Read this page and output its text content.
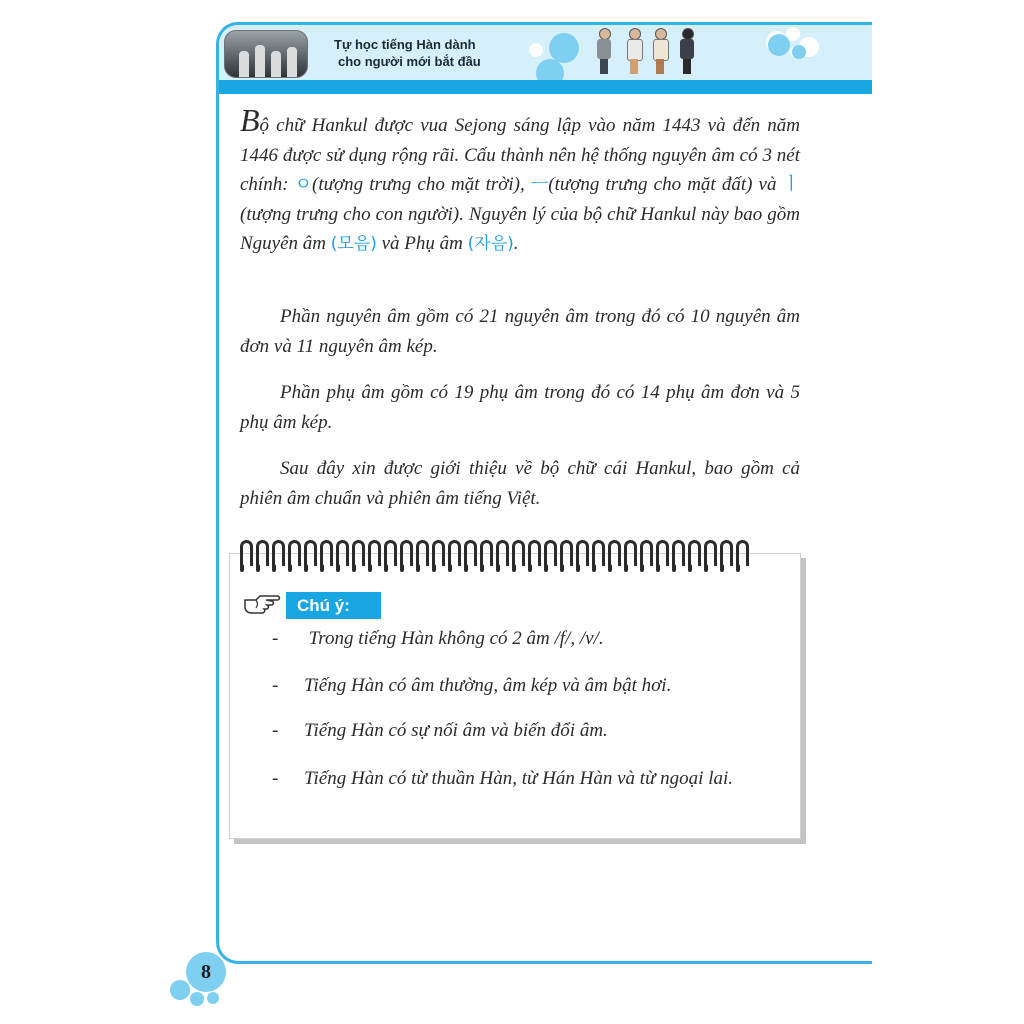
Tự học tiếng Hàn dành
cho người mới bắt đầu

Bộ chữ Hankul được vua Sejong sáng lập vào năm 1443 và đến năm 1446 được sử dụng rộng rãi. Cấu thành nên hệ thống nguyên âm có 3 nét chính: ㅇ(tượng trưng cho mặt trời), ㅡ(tượng trưng cho mặt đất) và ㅣ(tượng trưng cho con người). Nguyên lý của bộ chữ Hankul này bao gồm Nguyên âm (모음) và Phụ âm (자음).

Phần nguyên âm gồm có 21 nguyên âm trong đó có 10 nguyên âm đơn và 11 nguyên âm kép.
Phần phụ âm gồm có 19 phụ âm trong đó có 14 phụ âm đơn và 5 phụ âm kép.
Sau đây xin được giới thiệu về bộ chữ cái Hankul, bao gồm cả phiên âm chuẩn và phiên âm tiếng Việt.
Chú ý:
- Trong tiếng Hàn không có 2 âm /f/, /v/.
- Tiếng Hàn có âm thường, âm kép và âm bật hơi.
- Tiếng Hàn có sự nối âm và biến đổi âm.
- Tiếng Hàn có từ thuần Hàn, từ Hán Hàn và từ ngoại lai.
8
